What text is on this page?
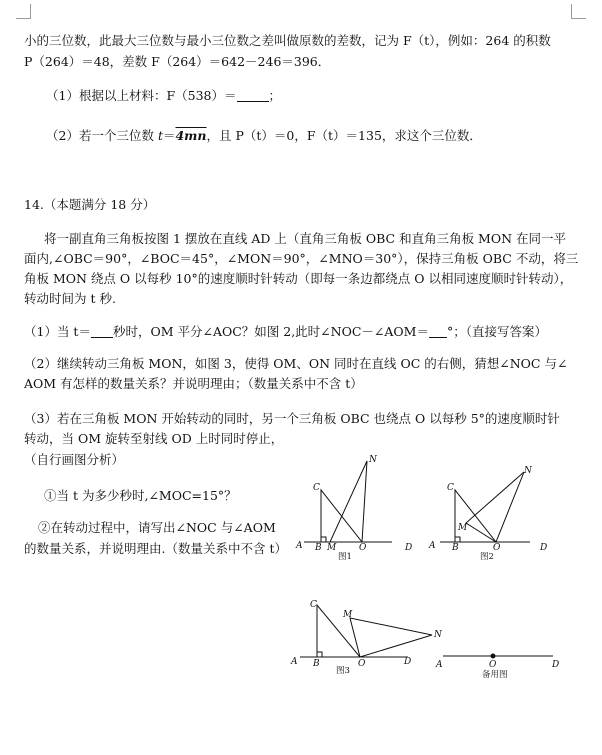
小的三位数，此最大三位数与最小三位数之差叫做原数的差数，记为 F（t），例如：264 的积数
P（264）＝48，差数 F（264）＝642－246＝396．
（1）根据以上材料：F（538）＝	；
（2）若一个三位数 t＝4mn，且 P（t）＝0，F（t）＝135，求这个三位数．
14.（本题满分 18 分）
将一副直角三角板按图 1 摆放在直线 AD 上（直角三角板 OBC 和直角三角板 MON 在同一平
面内,∠OBC＝90°，∠BOC＝45°，∠MON＝90°，∠MNO＝30°），保持三角板 OBC 不动，将三
角板 MON 绕点 O 以每秒 10°的速度顺时针转动（即每一条边都绕点 O 以相同速度顺时针转动），
转动时间为 t 秒.
（1）当 t＝ 秒时，OM 平分∠AOC？如图 2,此时∠NOC－∠AOM＝ °；（直接写答案）
（2）继续转动三角板 MON，如图 3，使得 OM、ON 同时在直线 OC 的右侧，猜想∠NOC 与∠
AOM 有怎样的数量关系？并说明理由；（数量关系中不含 t）
（3）若在三角板 MON 开始转动的同时，另一个三角板 OBC 也绕点 O 以每秒 5°的速度顺时针
转动，当 OM 旋转至射线 OD 上时同时停止，
（自行画图分析）
①当 t 为多少秒时,∠MOC=15°？
②在转动过程中，请写出∠NOC 与∠AOM
的数量关系，并说明理由.（数量关系中不含 t）
C
N
A B M	O	D
图1
C
N
M
A B	O	D
图2
C
M
N
A B	O	D
图3
A	O	D
备用图
